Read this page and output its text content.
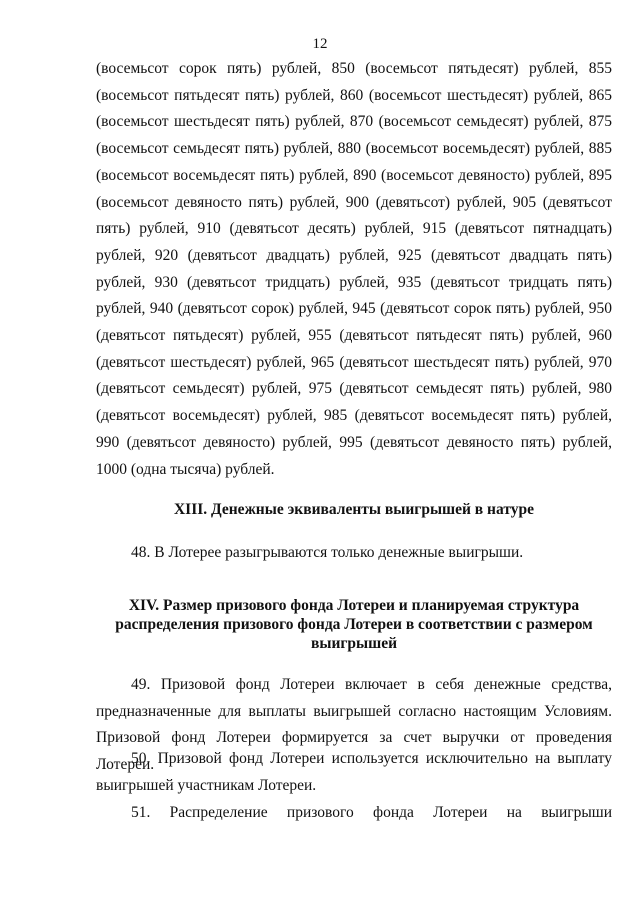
12
(восемьсот сорок пять) рублей, 850 (восемьсот пятьдесят) рублей, 855 (восемьсот пятьдесят пять) рублей, 860 (восемьсот шестьдесят) рублей, 865 (восемьсот шестьдесят пять) рублей, 870 (восемьсот семьдесят) рублей, 875 (восемьсот семьдесят пять) рублей, 880 (восемьсот восемьдесят) рублей, 885 (восемьсот восемьдесят пять) рублей, 890 (восемьсот девяносто) рублей, 895 (восемьсот девяносто пять) рублей, 900 (девятьсот) рублей, 905 (девятьсот пять) рублей, 910 (девятьсот десять) рублей, 915 (девятьсот пятнадцать) рублей, 920 (девятьсот двадцать) рублей, 925 (девятьсот двадцать пять) рублей, 930 (девятьсот тридцать) рублей, 935 (девятьсот тридцать пять) рублей, 940 (девятьсот сорок) рублей, 945 (девятьсот сорок пять) рублей, 950 (девятьсот пятьдесят) рублей, 955 (девятьсот пятьдесят пять) рублей, 960 (девятьсот шестьдесят) рублей, 965 (девятьсот шестьдесят пять) рублей, 970 (девятьсот семьдесят) рублей, 975 (девятьсот семьдесят пять) рублей, 980 (девятьсот восемьдесят) рублей, 985 (девятьсот восемьдесят пять) рублей, 990 (девятьсот девяносто) рублей, 995 (девятьсот девяносто пять) рублей, 1000 (одна тысяча) рублей.
XIII. Денежные эквиваленты выигрышей в натуре
48. В Лотерее разыгрываются только денежные выигрыши.
XIV. Размер призового фонда Лотереи и планируемая структура распределения призового фонда Лотереи в соответствии с размером выигрышей
49. Призовой фонд Лотереи включает в себя денежные средства, предназначенные для выплаты выигрышей согласно настоящим Условиям. Призовой фонд Лотереи формируется за счет выручки от проведения Лотереи.
50. Призовой фонд Лотереи используется исключительно на выплату выигрышей участникам Лотереи.
51. Распределение призового фонда Лотереи на выигрыши
